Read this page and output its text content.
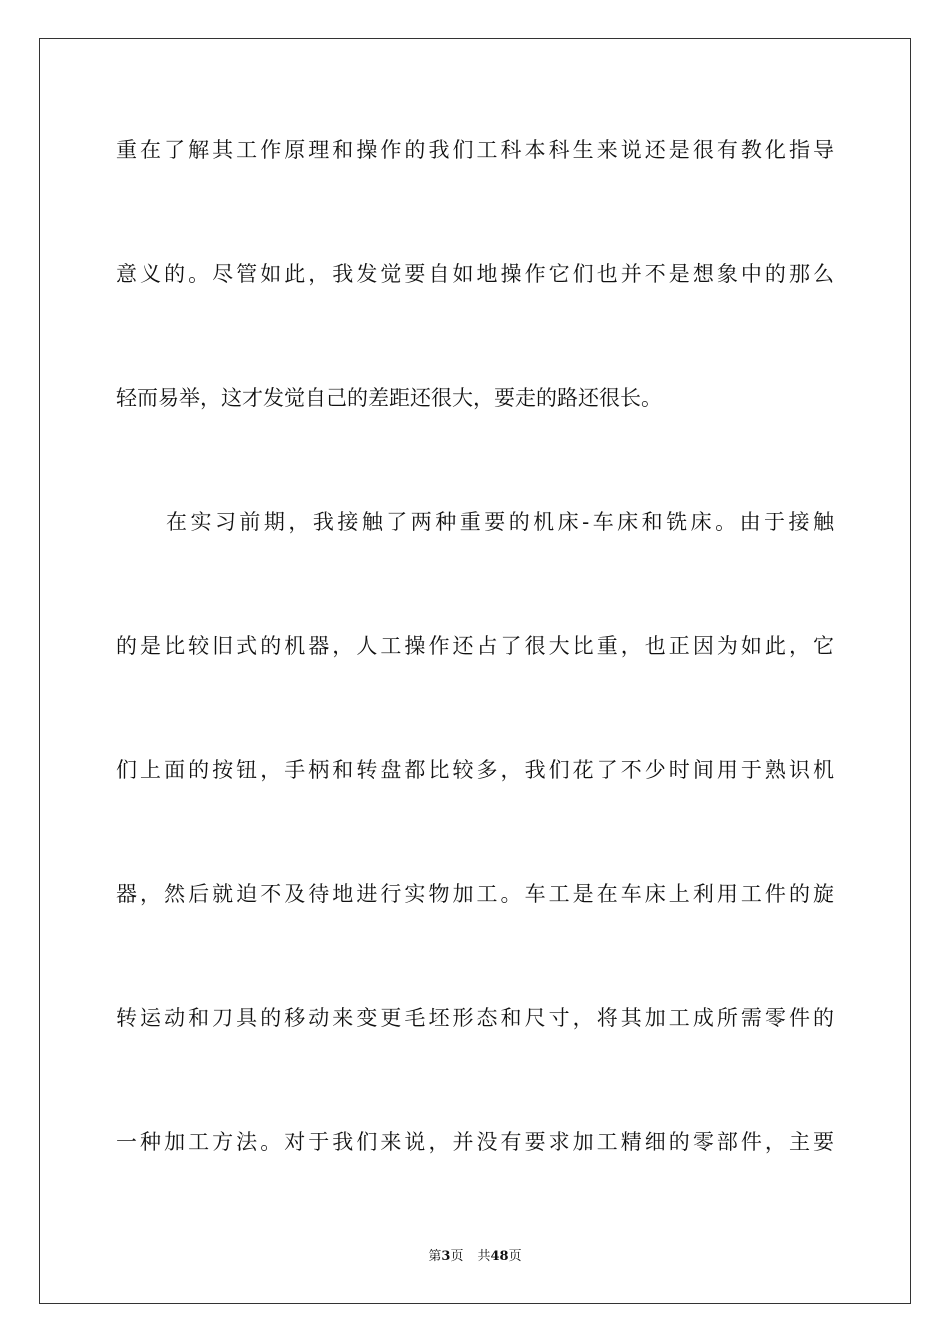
重在了解其工作原理和操作的我们工科本科生来说还是很有教化指导
意义的。尽管如此，我发觉要自如地操作它们也并不是想象中的那么
轻而易举，这才发觉自己的差距还很大，要走的路还很长。
在实习前期，我接触了两种重要的机床-车床和铣床。由于接触
的是比较旧式的机器，人工操作还占了很大比重，也正因为如此，它
们上面的按钮，手柄和转盘都比较多，我们花了不少时间用于熟识机
器，然后就迫不及待地进行实物加工。车工是在车床上利用工件的旋
转运动和刀具的移动来变更毛坯形态和尺寸，将其加工成所需零件的
一种加工方法。对于我们来说，并没有要求加工精细的零部件，主要
第3页 共48页
